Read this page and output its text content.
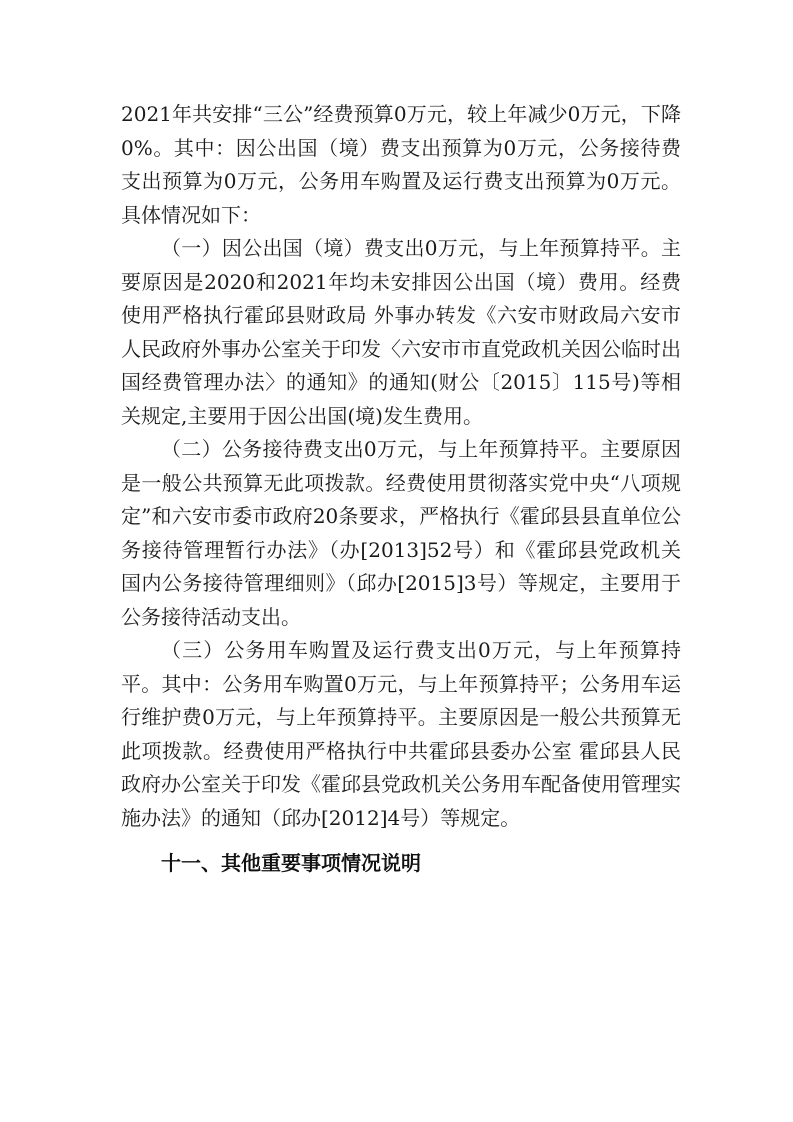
2021年共安排“三公”经费预算0万元，较上年减少0万元，下降0%。其中：因公出国（境）费支出预算为0万元，公务接待费支出预算为0万元，公务用车购置及运行费支出预算为0万元。具体情况如下：

（一）因公出国（境）费支出0万元，与上年预算持平。主要原因是2020和2021年均未安排因公出国（境）费用。经费使用严格执行霍邱县财政局 外事办转发《六安市财政局六安市人民政府外事办公室关于印发〈六安市市直党政机关因公临时出国经费管理办法〉的通知》的通知(财公〔2015〕115号)等相关规定,主要用于因公出国(境)发生费用。

（二）公务接待费支出0万元，与上年预算持平。主要原因是一般公共预算无此项拨款。经费使用贯彻落实党中央“八项规定”和六安市委市政府20条要求，严格执行《霍邱县县直单位公务接待管理暂行办法》（办[2013]52号）和《霍邱县党政机关国内公务接待管理细则》（邱办[2015]3号）等规定，主要用于公务接待活动支出。

（三）公务用车购置及运行费支出0万元，与上年预算持平。其中：公务用车购置0万元，与上年预算持平；公务用车运行维护费0万元，与上年预算持平。主要原因是一般公共预算无此项拨款。经费使用严格执行中共霍邱县委办公室 霍邱县人民政府办公室关于印发《霍邱县党政机关公务用车配备使用管理实施办法》的通知（邱办[2012]4号）等规定。

十一、其他重要事项情况说明
